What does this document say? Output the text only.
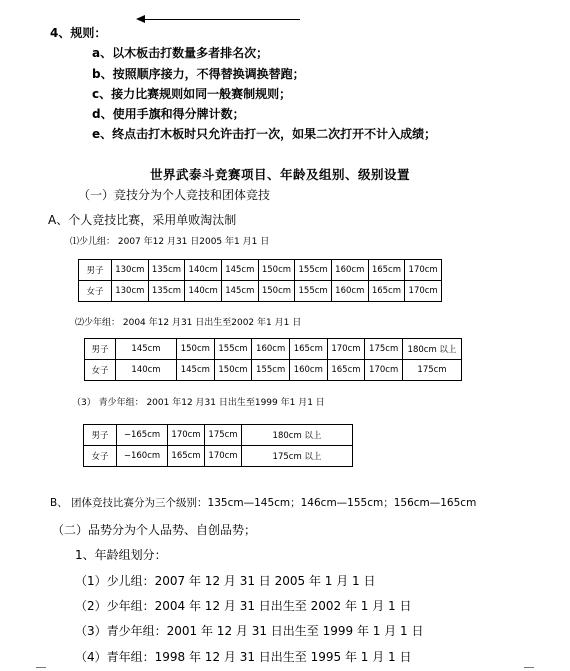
4、规则：
a、以木板击打数量多者排名次；
b、按照顺序接力，不得替换调换替跑；
c、接力比赛规则如同一般赛制规则；
d、使用手旗和得分牌计数；
e、终点击打木板时只允许击打一次，如果二次打开不计入成绩；
世界武泰斗竞赛项目、年龄及组别、级别设置
（一）竞技分为个人竞技和团体竞技
A、个人竞技比赛，采用单败淘汰制
⑴少儿组： 2007 年12 月31 日2005 年1 月1 日
男子	130cm	135cm	140cm	145cm	150cm	155cm	160cm	165cm	170cm
女子	130cm	135cm	140cm	145cm	150cm	155cm	160cm	165cm	170cm
⑵少年组： 2004 年12 月31 日出生至2002 年1 月1 日
男子	145cm	150cm	155cm	160cm	165cm	170cm	175cm	180cm 以上
女子	140cm	145cm	150cm	155cm	160cm	165cm	170cm	175cm
（3） 青少年组： 2001 年12 月31 日出生至1999 年1 月1 日
男子	−165cm	170cm	175cm	180cm 以上
女子	−160cm	165cm	170cm	175cm 以上
B、 团体竞技比赛分为三个级别：135cm—145cm；146cm—155cm；156cm—165cm
（二）品势分为个人品势、自创品势；
1、年龄组划分：
（1）少儿组：2007 年 12 月 31 日 2005 年 1 月 1 日
（2）少年组：2004 年 12 月 31 日出生至 2002 年 1 月 1 日
（3）青少年组：2001 年 12 月 31 日出生至 1999 年 1 月 1 日
（4）青年组：1998 年 12 月 31 日出生至 1995 年 1 月 1 日
